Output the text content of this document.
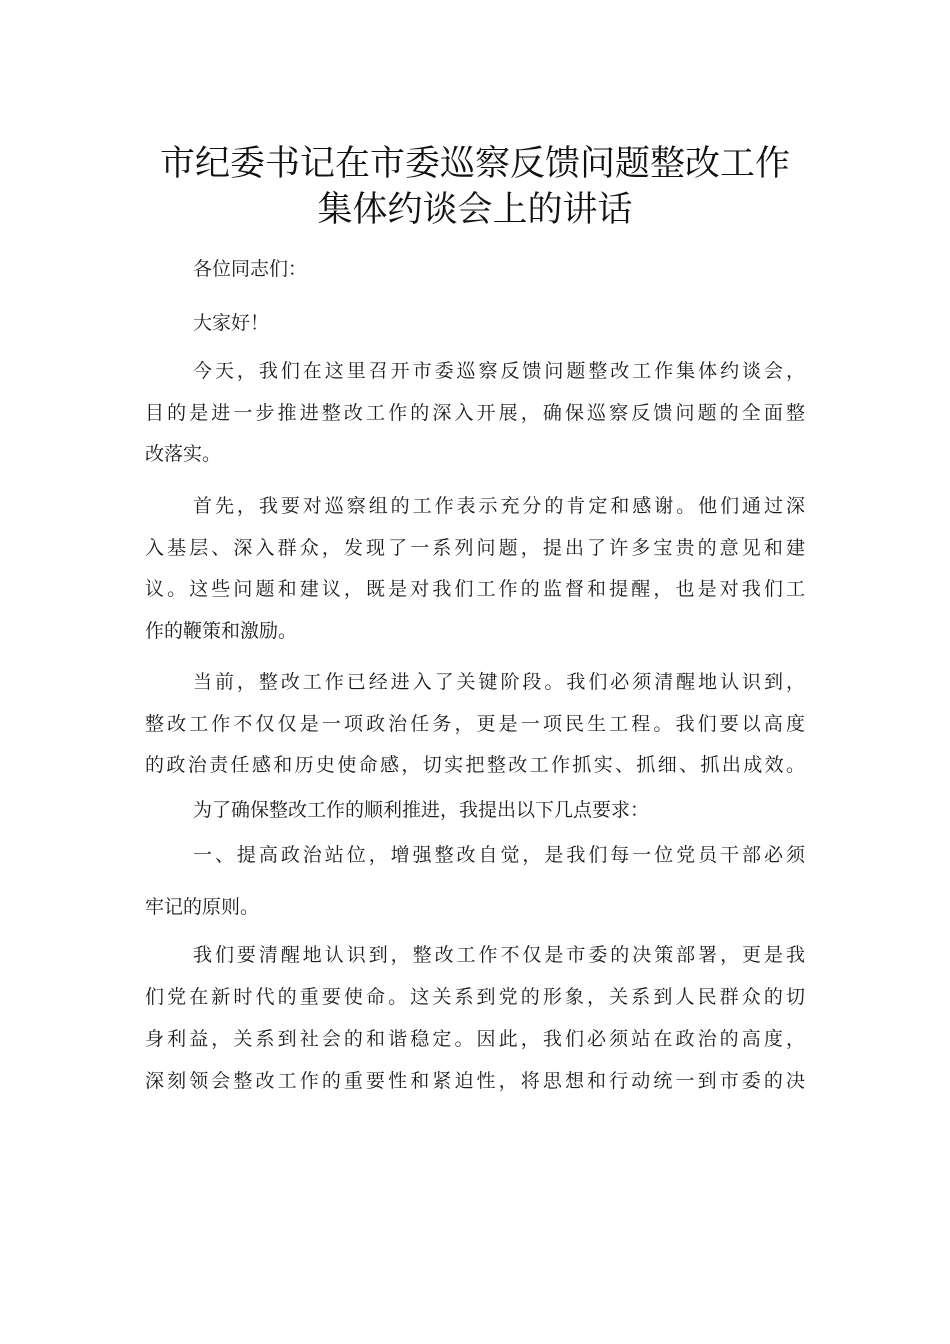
市纪委书记在市委巡察反馈问题整改工作
集体约谈会上的讲话

各位同志们：

大家好！

今天，我们在这里召开市委巡察反馈问题整改工作集体约谈会，

目的是进一步推进整改工作的深入开展，确保巡察反馈问题的全面整

改落实。

首先，我要对巡察组的工作表示充分的肯定和感谢。他们通过深

入基层、深入群众，发现了一系列问题，提出了许多宝贵的意见和建

议。这些问题和建议，既是对我们工作的监督和提醒，也是对我们工

作的鞭策和激励。

当前，整改工作已经进入了关键阶段。我们必须清醒地认识到，

整改工作不仅仅是一项政治任务，更是一项民生工程。我们要以高度

的政治责任感和历史使命感，切实把整改工作抓实、抓细、抓出成效。

为了确保整改工作的顺利推进，我提出以下几点要求：

一、提高政治站位，增强整改自觉，是我们每一位党员干部必须

牢记的原则。

我们要清醒地认识到，整改工作不仅是市委的决策部署，更是我

们党在新时代的重要使命。这关系到党的形象，关系到人民群众的切

身利益，关系到社会的和谐稳定。因此，我们必须站在政治的高度，

深刻领会整改工作的重要性和紧迫性，将思想和行动统一到市委的决
